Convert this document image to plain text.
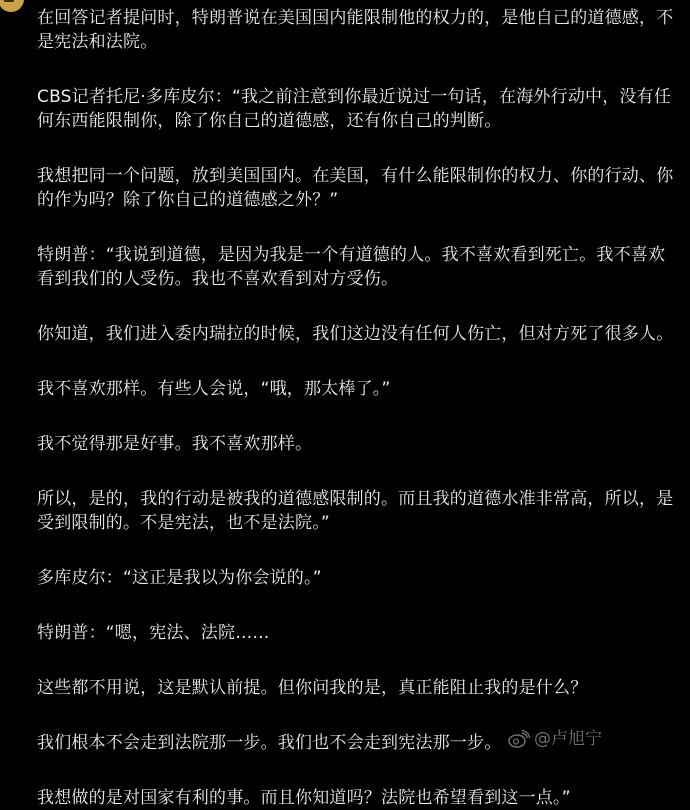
在回答记者提问时，特朗普说在美国国内能限制他的权力的，是他自己的道德感，不是宪法和法院。

CBS记者托尼·多库皮尔：“我之前注意到你最近说过一句话，在海外行动中，没有任何东西能限制你，除了你自己的道德感，还有你自己的判断。

我想把同一个问题，放到美国国内。在美国，有什么能限制你的权力、你的行动、你的作为吗？除了你自己的道德感之外？”

特朗普：“我说到道德，是因为我是一个有道德的人。我不喜欢看到死亡。我不喜欢看到我们的人受伤。我也不喜欢看到对方受伤。

你知道，我们进入委内瑞拉的时候，我们这边没有任何人伤亡，但对方死了很多人。

我不喜欢那样。有些人会说，“哦，那太棒了。”

我不觉得那是好事。我不喜欢那样。

所以，是的，我的行动是被我的道德感限制的。而且我的道德水准非常高，所以，是受到限制的。不是宪法，也不是法院。”

多库皮尔：“这正是我以为你会说的。”

特朗普：“嗯，宪法、法院……

这些都不用说，这是默认前提。但你问我的是，真正能阻止我的是什么？

我们根本不会走到法院那一步。我们也不会走到宪法那一步。

我想做的是对国家有利的事。而且你知道吗？法院也希望看到这一点。”

@卢旭宁
